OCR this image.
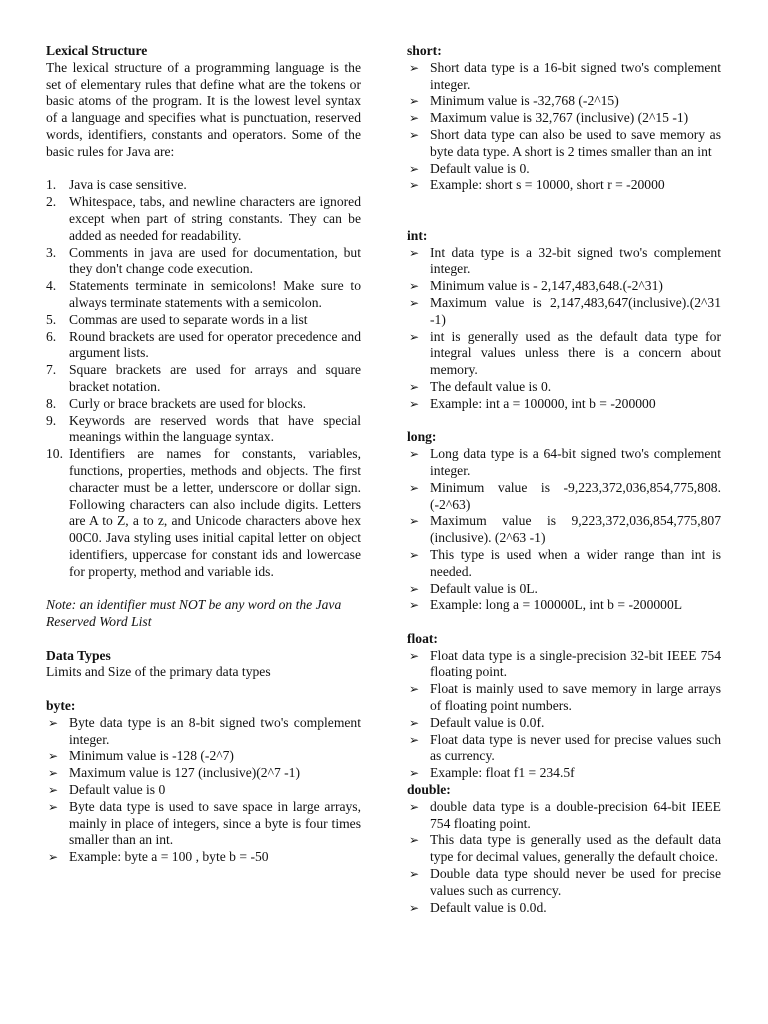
Lexical Structure

The lexical structure of a programming language is the set of elementary rules that define what are the tokens or basic atoms of the program. It is the lowest level syntax of a language and specifies what is punctuation, reserved words, identifiers, constants and operators. Some of the basic rules for Java are:

1. Java is case sensitive.
2. Whitespace, tabs, and newline characters are ignored except when part of string constants. They can be added as needed for readability.
3. Comments in java are used for documentation, but they don't change code execution.
4. Statements terminate in semicolons! Make sure to always terminate statements with a semicolon.
5. Commas are used to separate words in a list
6. Round brackets are used for operator precedence and argument lists.
7. Square brackets are used for arrays and square bracket notation.
8. Curly or brace brackets are used for blocks.
9. Keywords are reserved words that have special meanings within the language syntax.
10. Identifiers are names for constants, variables, functions, properties, methods and objects. The first character must be a letter, underscore or dollar sign. Following characters can also include digits. Letters are A to Z, a to z, and Unicode characters above hex 00C0. Java styling uses initial capital letter on object identifiers, uppercase for constant ids and lowercase for property, method and variable ids.

Note: an identifier must NOT be any word on the Java Reserved Word List

Data Types

Limits and Size of the primary data types

byte:

➢ Byte data type is an 8-bit signed two's complement integer.
➢ Minimum value is -128 (-2^7)
➢ Maximum value is 127 (inclusive)(2^7 -1)
➢ Default value is 0
➢ Byte data type is used to save space in large arrays, mainly in place of integers, since a byte is four times smaller than an int.
➢ Example: byte a = 100 , byte b = -50

short:

➢ Short data type is a 16-bit signed two's complement integer.
➢ Minimum value is -32,768 (-2^15)
➢ Maximum value is 32,767 (inclusive) (2^15 -1)
➢ Short data type can also be used to save memory as byte data type. A short is 2 times smaller than an int
➢ Default value is 0.
➢ Example: short s = 10000, short r = -20000

int:

➢ Int data type is a 32-bit signed two's complement integer.
➢ Minimum value is - 2,147,483,648.(-2^31)
➢ Maximum value is 2,147,483,647(inclusive).(2^31 -1)
➢ int is generally used as the default data type for integral values unless there is a concern about memory.
➢ The default value is 0.
➢ Example: int a = 100000, int b = -200000

long:

➢ Long data type is a 64-bit signed two's complement integer.
➢ Minimum value is -9,223,372,036,854,775,808.(-2^63)
➢ Maximum value is 9,223,372,036,854,775,807 (inclusive). (2^63 -1)
➢ This type is used when a wider range than int is needed.
➢ Default value is 0L.
➢ Example: long a = 100000L, int b = -200000L

float:

➢ Float data type is a single-precision 32-bit IEEE 754 floating point.
➢ Float is mainly used to save memory in large arrays of floating point numbers.
➢ Default value is 0.0f.
➢ Float data type is never used for precise values such as currency.
➢ Example: float f1 = 234.5f

double:

➢ double data type is a double-precision 64-bit IEEE 754 floating point.
➢ This data type is generally used as the default data type for decimal values, generally the default choice.
➢ Double data type should never be used for precise values such as currency.
➢ Default value is 0.0d.
